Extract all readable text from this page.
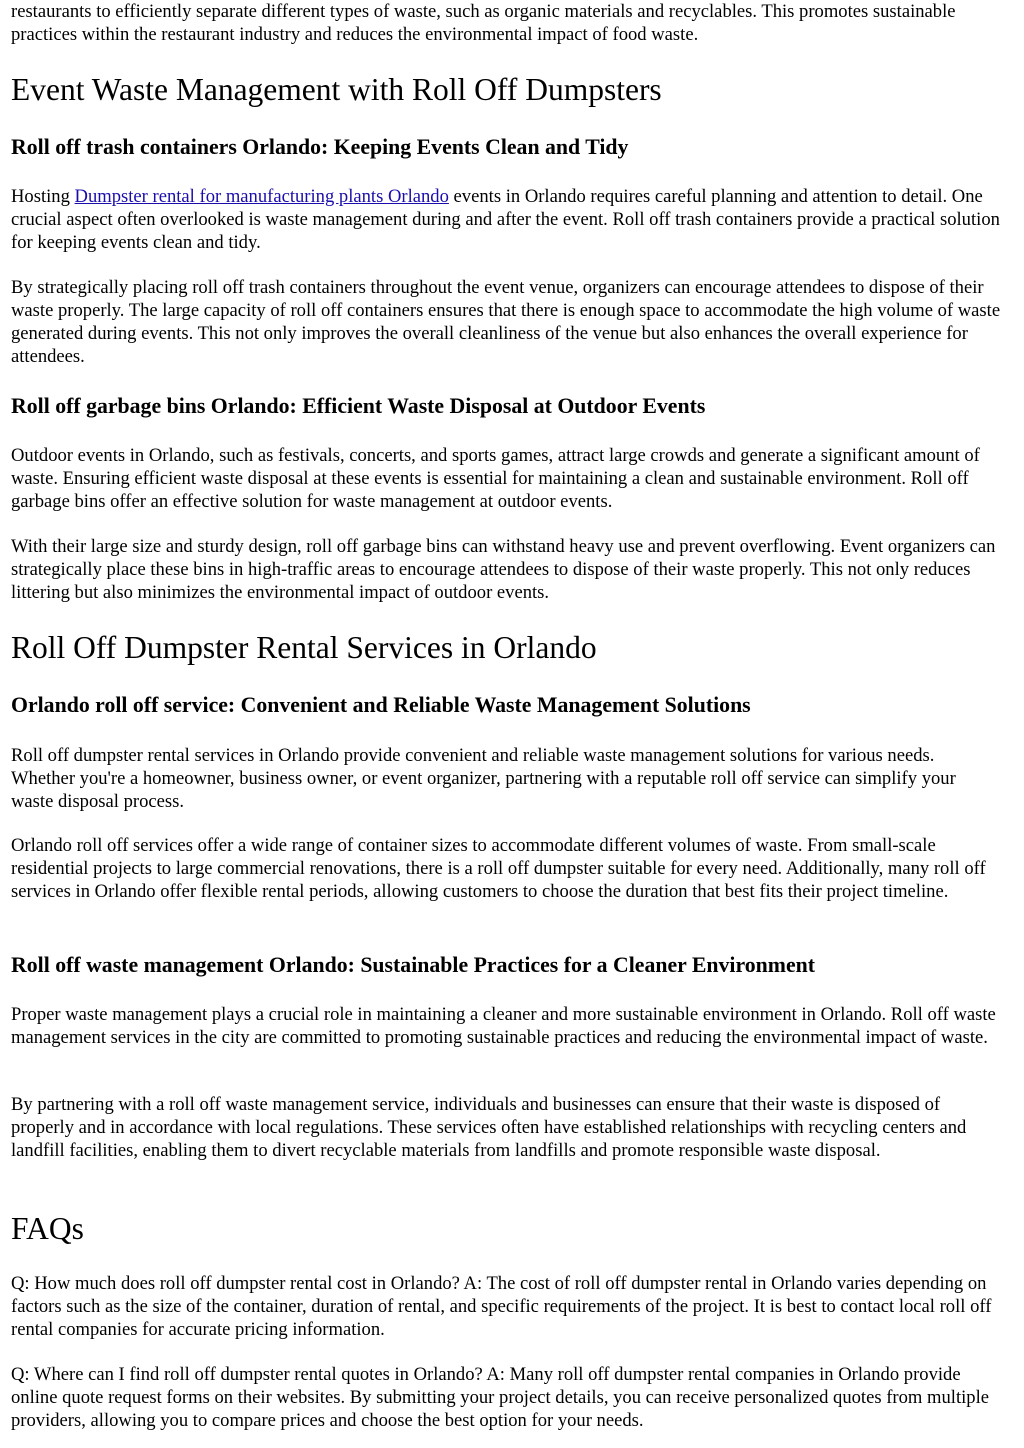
restaurants to efficiently separate different types of waste, such as organic materials and recyclables. This promotes sustainable practices within the restaurant industry and reduces the environmental impact of food waste.

Event Waste Management with Roll Off Dumpsters
Roll off trash containers Orlando: Keeping Events Clean and Tidy

Hosting Dumpster rental for manufacturing plants Orlando events in Orlando requires careful planning and attention to detail. One crucial aspect often overlooked is waste management during and after the event. Roll off trash containers provide a practical solution for keeping events clean and tidy.

By strategically placing roll off trash containers throughout the event venue, organizers can encourage attendees to dispose of their waste properly. The large capacity of roll off containers ensures that there is enough space to accommodate the high volume of waste generated during events. This not only improves the overall cleanliness of the venue but also enhances the overall experience for attendees.

Roll off garbage bins Orlando: Efficient Waste Disposal at Outdoor Events

Outdoor events in Orlando, such as festivals, concerts, and sports games, attract large crowds and generate a significant amount of waste. Ensuring efficient waste disposal at these events is essential for maintaining a clean and sustainable environment. Roll off garbage bins offer an effective solution for waste management at outdoor events.

With their large size and sturdy design, roll off garbage bins can withstand heavy use and prevent overflowing. Event organizers can strategically place these bins in high-traffic areas to encourage attendees to dispose of their waste properly. This not only reduces littering but also minimizes the environmental impact of outdoor events.

Roll Off Dumpster Rental Services in Orlando
Orlando roll off service: Convenient and Reliable Waste Management Solutions

Roll off dumpster rental services in Orlando provide convenient and reliable waste management solutions for various needs. Whether you're a homeowner, business owner, or event organizer, partnering with a reputable roll off service can simplify your waste disposal process.

Orlando roll off services offer a wide range of container sizes to accommodate different volumes of waste. From small-scale residential projects to large commercial renovations, there is a roll off dumpster suitable for every need. Additionally, many roll off services in Orlando offer flexible rental periods, allowing customers to choose the duration that best fits their project timeline.

Roll off waste management Orlando: Sustainable Practices for a Cleaner Environment

Proper waste management plays a crucial role in maintaining a cleaner and more sustainable environment in Orlando. Roll off waste management services in the city are committed to promoting sustainable practices and reducing the environmental impact of waste.

By partnering with a roll off waste management service, individuals and businesses can ensure that their waste is disposed of properly and in accordance with local regulations. These services often have established relationships with recycling centers and landfill facilities, enabling them to divert recyclable materials from landfills and promote responsible waste disposal.

FAQs

Q: How much does roll off dumpster rental cost in Orlando? A: The cost of roll off dumpster rental in Orlando varies depending on factors such as the size of the container, duration of rental, and specific requirements of the project. It is best to contact local roll off rental companies for accurate pricing information.

Q: Where can I find roll off dumpster rental quotes in Orlando? A: Many roll off dumpster rental companies in Orlando provide online quote request forms on their websites. By submitting your project details, you can receive personalized quotes from multiple providers, allowing you to compare prices and choose the best option for your needs.
